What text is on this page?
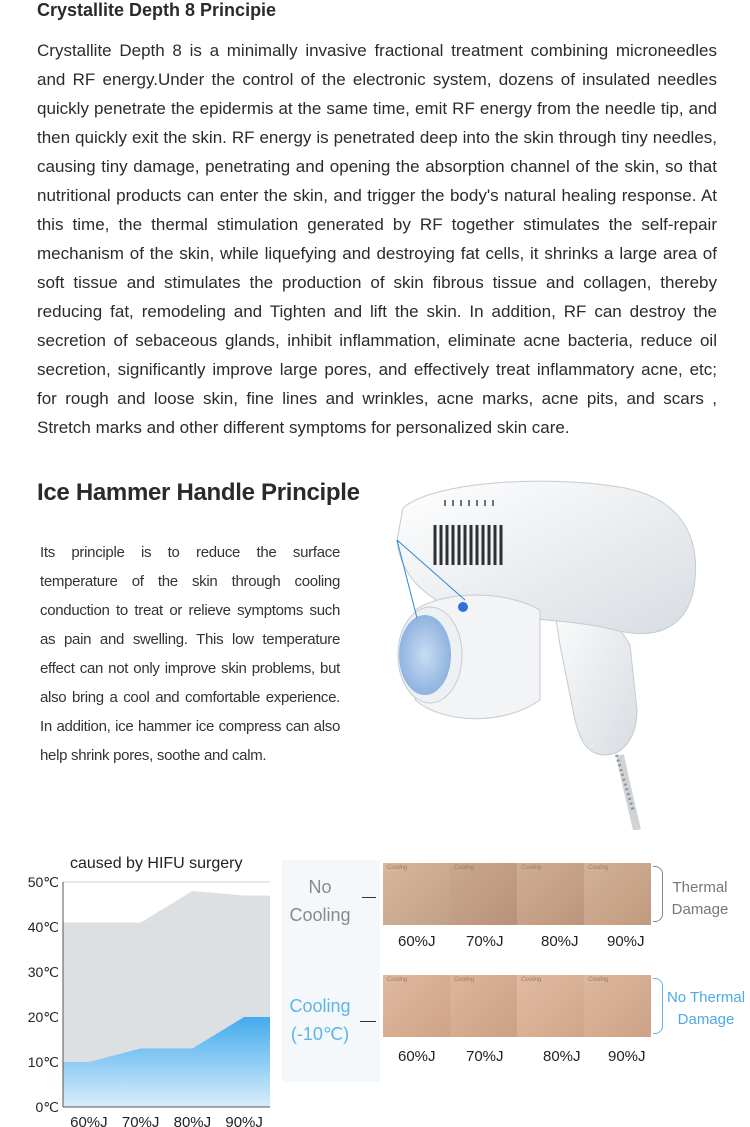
Crystallite Depth 8 Principie
Crystallite Depth 8 is a minimally invasive fractional treatment combining microneedles and RF energy.Under the control of the electronic system, dozens of insulated needles quickly penetrate the epidermis at the same time, emit RF energy from the needle tip, and then quickly exit the skin. RF energy is penetrated deep into the skin through tiny needles, causing tiny damage, penetrating and opening the absorption channel of the skin, so that nutritional products can enter the skin, and trigger the body's natural healing response. At this time, the thermal stimulation generated by RF together stimulates the self-repair mechanism of the skin, while liquefying and destroying fat cells, it shrinks a large area of soft tissue and stimulates the production of skin fibrous tissue and collagen, thereby reducing fat, remodeling and Tighten and lift the skin. In addition, RF can destroy the secretion of sebaceous glands, inhibit inflammation, eliminate acne bacteria, reduce oil secretion, significantly improve large pores, and effectively treat inflammatory acne, etc; for rough and loose skin, fine lines and wrinkles, acne marks, acne pits, and scars , Stretch marks and other different symptoms for personalized skin care.
Ice Hammer Handle Principle
Its principle is to reduce the surface temperature of the skin through cooling conduction to treat or relieve symptoms such as pain and swelling. This low temperature effect can not only improve skin problems, but also bring a cool and comfortable experience. In addition, ice hammer ice compress can also help shrink pores, soothe and calm.
0℃
10℃
20℃
30℃
40℃
50℃
60%J 70%J 80%J 90%J
caused by HIFU surgery
No
Cooling
Cooling
(-10℃)
Cooling	Cooling	Cooling	Cooling
Thermal
Damage
60%J 70%J 80%J 90%J
Cooling	Cooling	Cooling	Cooling
No Thermal
Damage
60%J 70%J	80%J 90%J
